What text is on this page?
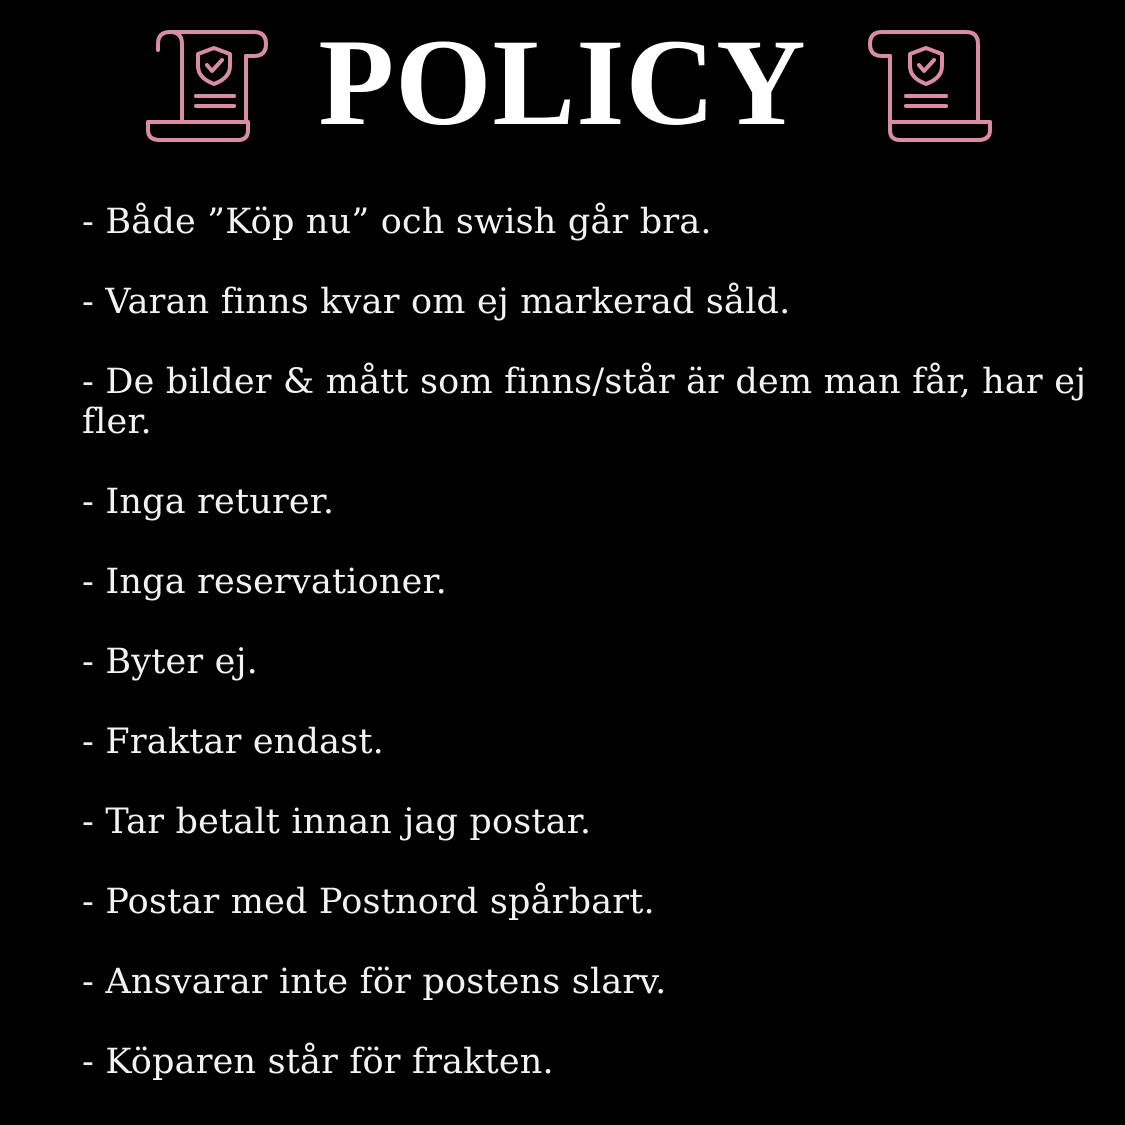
POLICY
- Både ”Köp nu” och swish går bra.
- Varan finns kvar om ej markerad såld.
- De bilder & mått som finns/står är dem man får, har ej fler.
- Inga returer.
- Inga reservationer.
- Byter ej.
- Fraktar endast.
- Tar betalt innan jag postar.
- Postar med Postnord spårbart.
- Ansvarar inte för postens slarv.
- Köparen står för frakten.
